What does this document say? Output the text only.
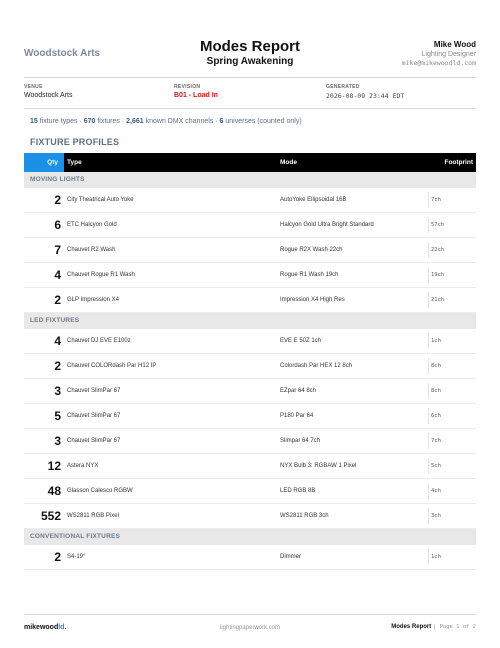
Woodstock Arts	Modes Report
Spring Awakening
Mike Wood
Lighting Designer
mike@mikewoodld.com
VENUE
Woodstock Arts
REVISION
B01 - Load In
GENERATED
2026-08-09 23:44 EDT
15 fixture types · 670 fixtures · 2,661 known DMX channels · 6 universes (counted only)
FIXTURE PROFILES
Qty	Type	Mode	Footprint
MOVING LIGHTS
2 City Theatrical Auto Yoke	AutoYoke Ellipsoidal 16B	7ch
6 ETC Halcyon Gold	Halcyon Gold Ultra Bright Standard	57ch
7 Chauvet R2 Wash	Rogue R2X Wash 22ch	22ch
4 Chauvet Rogue R1 Wash	Rogue R1 Wash 19ch	19ch
2 GLP Impression X4	Impression X4 High Res	21ch
LED FIXTURES
4 Chauvet DJ EVE E100z	EVE E 50Z 1ch	1ch
2 Chauvet COLORdash Par H12 IP	Colordash Par HEX 12 8ch	8ch
3 Chauvet SlimPar 67	EZpar 64 8ch	8ch
5 Chauvet SlimPar 67	P180 Par 64	6ch
3 Chauvet SlimPar 67	Slimpar 64 7ch	7ch
12 Astera NYX	NYX Bulb 3: RGBAW 1 Pixel	5ch
48 Glasson Calesco RGBW	LED RGB 8B	4ch
552 WS2811 RGB Pixel	WS2811 RGB 3ch	3ch
CONVENTIONAL FIXTURES
2 S4-19°	Dimmer	1ch
mikewoodld.	lightingpaperwork.com	Modes Report | Page 1 of 2
